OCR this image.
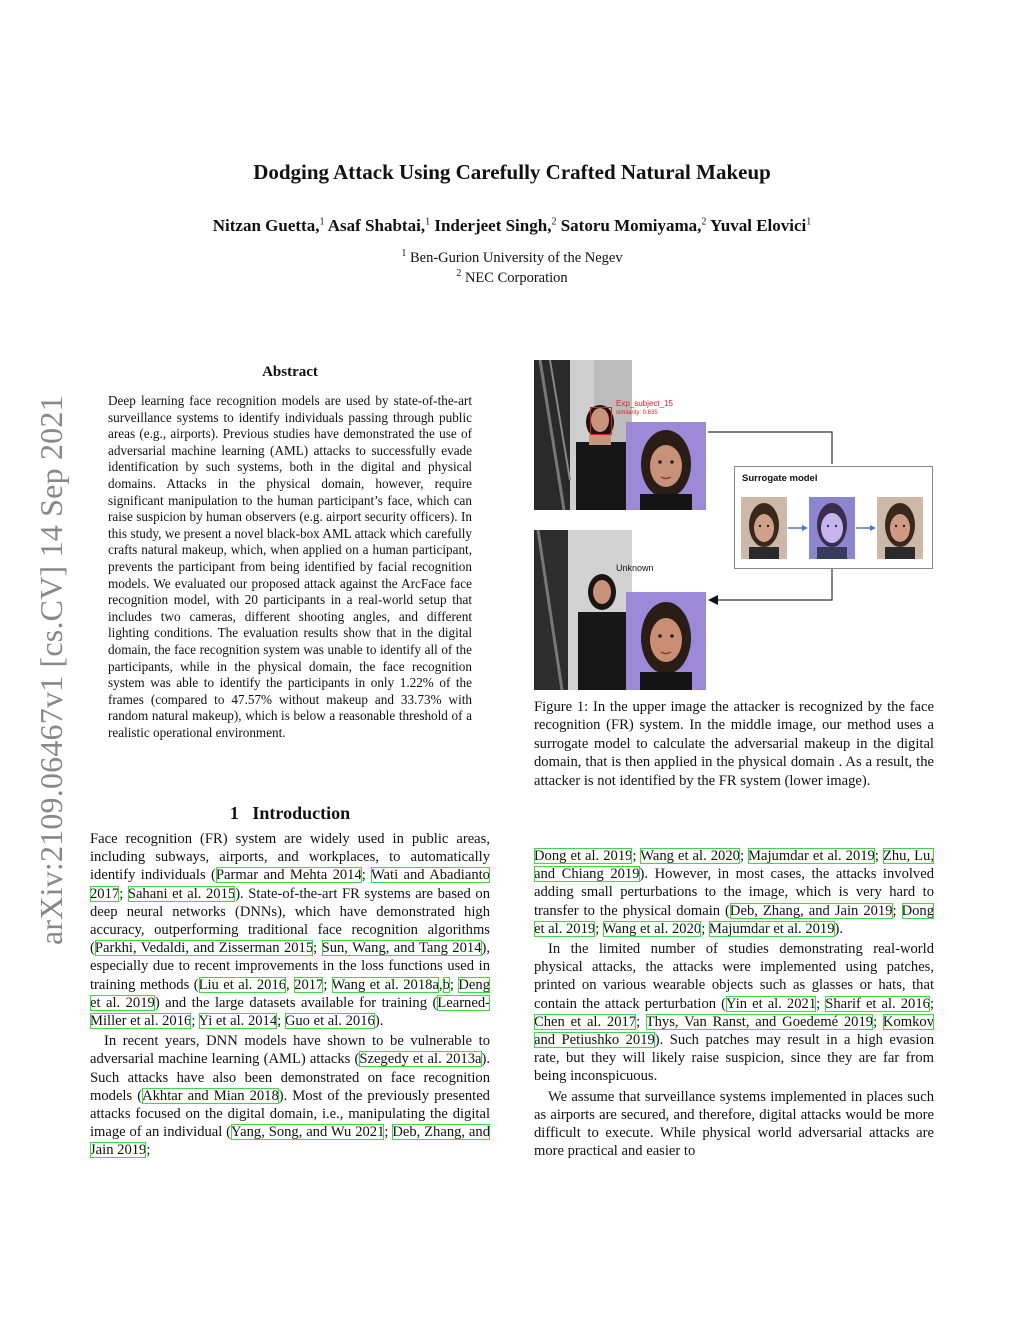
Dodging Attack Using Carefully Crafted Natural Makeup
Nitzan Guetta,$^1$ Asaf Shabtai,$^1$ Inderjeet Singh,$^2$ Satoru Momiyama,$^2$ Yuval Elovici$^1$
$^1$ Ben-Gurion University of the Negev
$^2$ NEC Corporation
arXiv:2109.06467v1 [cs.CV] 14 Sep 2021
Abstract
Deep learning face recognition models are used by state-of-the-art surveillance systems to identify individuals passing through public areas (e.g., airports). Previous studies have demonstrated the use of adversarial machine learning (AML) attacks to successfully evade identification by such systems, both in the digital and physical domains. Attacks in the physical domain, however, require significant manipulation to the human participant’s face, which can raise suspicion by human observers (e.g. airport security officers). In this study, we present a novel black-box AML attack which carefully crafts natural makeup, which, when applied on a human participant, prevents the participant from being identified by facial recognition models. We evaluated our proposed attack against the ArcFace face recognition model, with 20 participants in a real-world setup that includes two cameras, different shooting angles, and different lighting conditions. The evaluation results show that in the digital domain, the face recognition system was unable to identify all of the participants, while in the physical domain, the face recognition system was able to identify the participants in only 1.22% of the frames (compared to 47.57% without makeup and 33.73% with random natural makeup), which is below a reasonable threshold of a realistic operational environment.
1 Introduction

Face recognition (FR) system are widely used in public areas, including subways, airports, and workplaces, to automatically identify individuals (Parmar and Mehta 2014; Wati and Abadianto 2017; Sahani et al. 2015). State-of-the-art FR systems are based on deep neural networks (DNNs), which have demonstrated high accuracy, outperforming traditional face recognition algorithms (Parkhi, Vedaldi, and Zisserman 2015; Sun, Wang, and Tang 2014), especially due to recent improvements in the loss functions used in training methods (Liu et al. 2016, 2017; Wang et al. 2018a,b; Deng et al. 2019) and the large datasets available for training (Learned-Miller et al. 2016; Yi et al. 2014; Guo et al. 2016).

In recent years, DNN models have shown to be vulnerable to adversarial machine learning (AML) attacks (Szegedy et al. 2013a). Such attacks have also been demonstrated on face recognition models (Akhtar and Mian 2018). Most of the previously presented attacks focused on the digital domain, i.e., manipulating the digital image of an individual (Yang, Song, and Wu 2021; Deb, Zhang, and Jain 2019;

Exp_subject_15
similarity: 0.635
Unknown
Surrogate model
Figure 1: In the upper image the attacker is recognized by the face recognition (FR) system. In the middle image, our method uses a surrogate model to calculate the adversarial makeup in the digital domain, that is then applied in the physical domain . As a result, the attacker is not identified by the FR system (lower image).

Dong et al. 2019; Wang et al. 2020; Majumdar et al. 2019; Zhu, Lu, and Chiang 2019). However, in most cases, the attacks involved adding small perturbations to the image, which is very hard to transfer to the physical domain (Deb, Zhang, and Jain 2019; Dong et al. 2019; Wang et al. 2020; Majumdar et al. 2019).

In the limited number of studies demonstrating real-world physical attacks, the attacks were implemented using patches, printed on various wearable objects such as glasses or hats, that contain the attack perturbation (Yin et al. 2021; Sharif et al. 2016; Chen et al. 2017; Thys, Van Ranst, and Goedemé 2019; Komkov and Petiushko 2019). Such patches may result in a high evasion rate, but they will likely raise suspicion, since they are far from being inconspicuous.

We assume that surveillance systems implemented in places such as airports are secured, and therefore, digital attacks would be more difficult to execute. While physical world adversarial attacks are more practical and easier to
